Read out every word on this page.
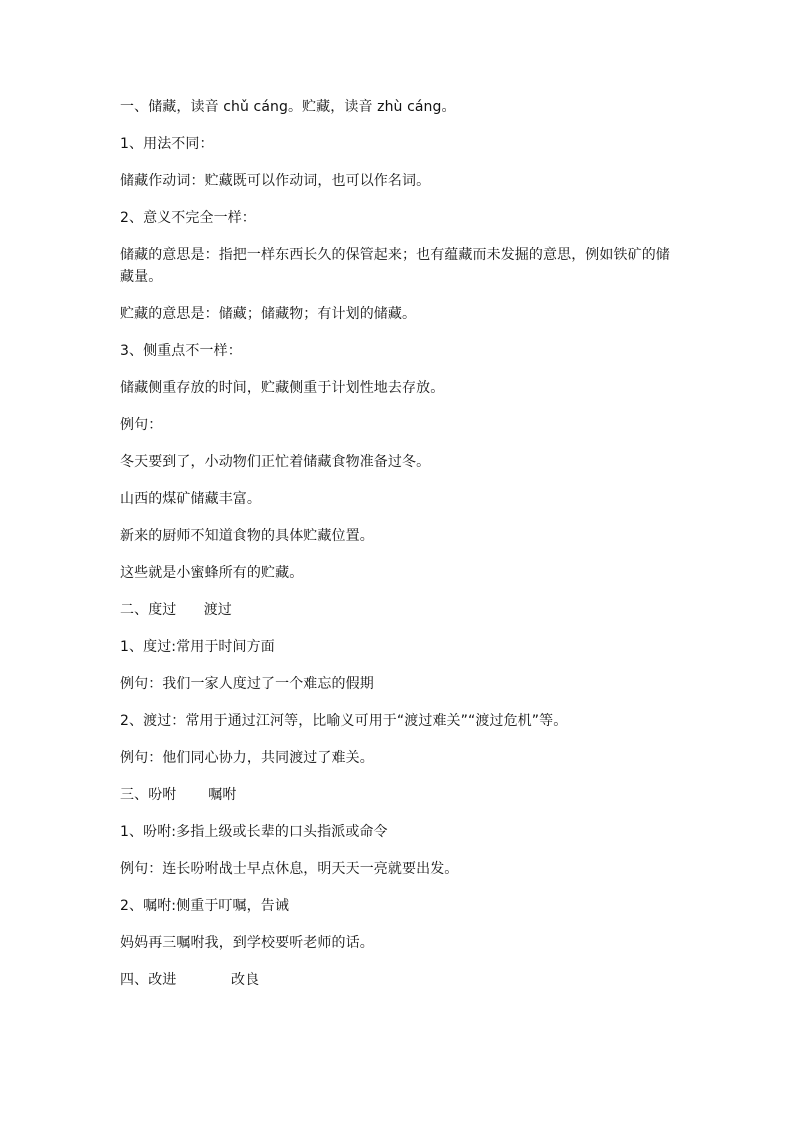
一、储藏，读音 chǔ cáng。贮藏，读音 zhù cáng。

1、用法不同：

储藏作动词：贮藏既可以作动词，也可以作名词。

2、意义不完全一样：

储藏的意思是：指把一样东西长久的保管起来；也有蕴藏而未发掘的意思，例如铁矿的储藏量。

贮藏的意思是：储藏；储藏物；有计划的储藏。

3、侧重点不一样：

储藏侧重存放的时间，贮藏侧重于计划性地去存放。

例句：

冬天要到了，小动物们正忙着储藏食物准备过冬。

山西的煤矿储藏丰富。

新来的厨师不知道食物的具体贮藏位置。

这些就是小蜜蜂所有的贮藏。

二、度过      渡过

1、度过:常用于时间方面

例句：我们一家人度过了一个难忘的假期

2、渡过：常用于通过江河等，比喻义可用于“渡过难关”“渡过危机”等。

例句：他们同心协力，共同渡过了难关。

三、吩咐       嘱咐

1、吩咐:多指上级或长辈的口头指派或命令

例句：连长吩咐战士早点休息，明天天一亮就要出发。

2、嘱咐:侧重于叮嘱，告诫

妈妈再三嘱咐我，到学校要听老师的话。

四、改进            改良
